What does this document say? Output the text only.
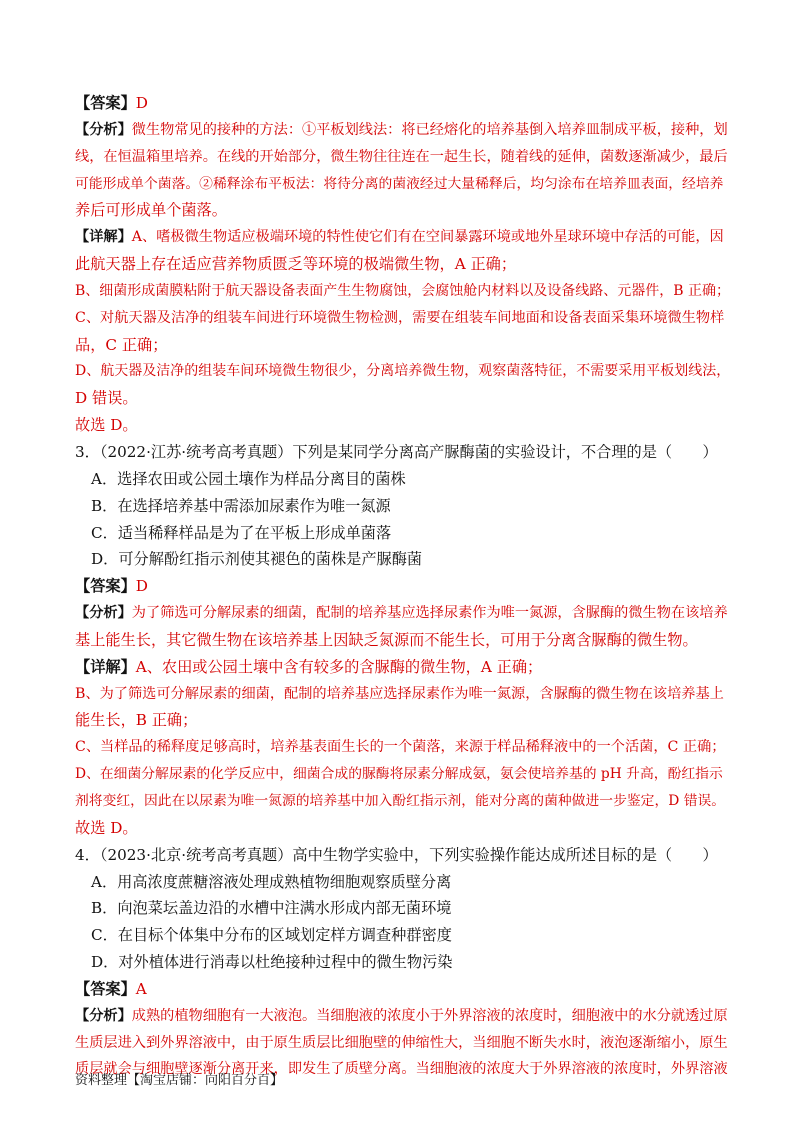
【答案】D
【分析】微生物常见的接种的方法：①平板划线法：将已经熔化的培养基倒入培养皿制成平板，接种，划
线，在恒温箱里培养。在线的开始部分，微生物往往连在一起生长，随着线的延伸，菌数逐渐减少，最后
可能形成单个菌落。②稀释涂布平板法：将待分离的菌液经过大量稀释后，均匀涂布在培养皿表面，经培养
养后可形成单个菌落。
【详解】A、嗜极微生物适应极端环境的特性使它们有在空间暴露环境或地外星球环境中存活的可能，因
此航天器上存在适应营养物质匮乏等环境的极端微生物，A 正确；
B、细菌形成菌膜粘附于航天器设备表面产生生物腐蚀，会腐蚀舱内材料以及设备线路、元器件，B 正确；
C、对航天器及洁净的组装车间进行环境微生物检测，需要在组装车间地面和设备表面采集环境微生物样
品，C 正确；
D、航天器及洁净的组装车间环境微生物很少，分离培养微生物，观察菌落特征，不需要采用平板划线法，
D 错误。
故选 D。
3．（2022·江苏·统考高考真题）下列是某同学分离高产脲酶菌的实验设计，不合理的是（　　）
A．选择农田或公园土壤作为样品分离目的菌株
B．在选择培养基中需添加尿素作为唯一氮源
C．适当稀释样品是为了在平板上形成单菌落
D．可分解酚红指示剂使其褪色的菌株是产脲酶菌
【答案】D
【分析】为了筛选可分解尿素的细菌，配制的培养基应选择尿素作为唯一氮源，含脲酶的微生物在该培养
基上能生长，其它微生物在该培养基上因缺乏氮源而不能生长，可用于分离含脲酶的微生物。
【详解】A、农田或公园土壤中含有较多的含脲酶的微生物，A 正确；
B、为了筛选可分解尿素的细菌，配制的培养基应选择尿素作为唯一氮源，含脲酶的微生物在该培养基上
能生长，B 正确；
C、当样品的稀释度足够高时，培养基表面生长的一个菌落，来源于样品稀释液中的一个活菌，C 正确；
D、在细菌分解尿素的化学反应中，细菌合成的脲酶将尿素分解成氨，氨会使培养基的 pH 升高，酚红指示
剂将变红，因此在以尿素为唯一氮源的培养基中加入酚红指示剂，能对分离的菌种做进一步鉴定，D 错误。
故选 D。
4．（2023·北京·统考高考真题）高中生物学实验中，下列实验操作能达成所述目标的是（　　）
A．用高浓度蔗糖溶液处理成熟植物细胞观察质壁分离
B．向泡菜坛盖边沿的水槽中注满水形成内部无菌环境
C．在目标个体集中分布的区域划定样方调查种群密度
D．对外植体进行消毒以杜绝接种过程中的微生物污染
【答案】A
【分析】成熟的植物细胞有一大液泡。当细胞液的浓度小于外界溶液的浓度时，细胞液中的水分就透过原
生质层进入到外界溶液中，由于原生质层比细胞壁的伸缩性大，当细胞不断失水时，液泡逐渐缩小，原生
质层就会与细胞壁逐渐分离开来，即发生了质壁分离。当细胞液的浓度大于外界溶液的浓度时，外界溶液
资料整理【淘宝店铺：向阳百分百】
